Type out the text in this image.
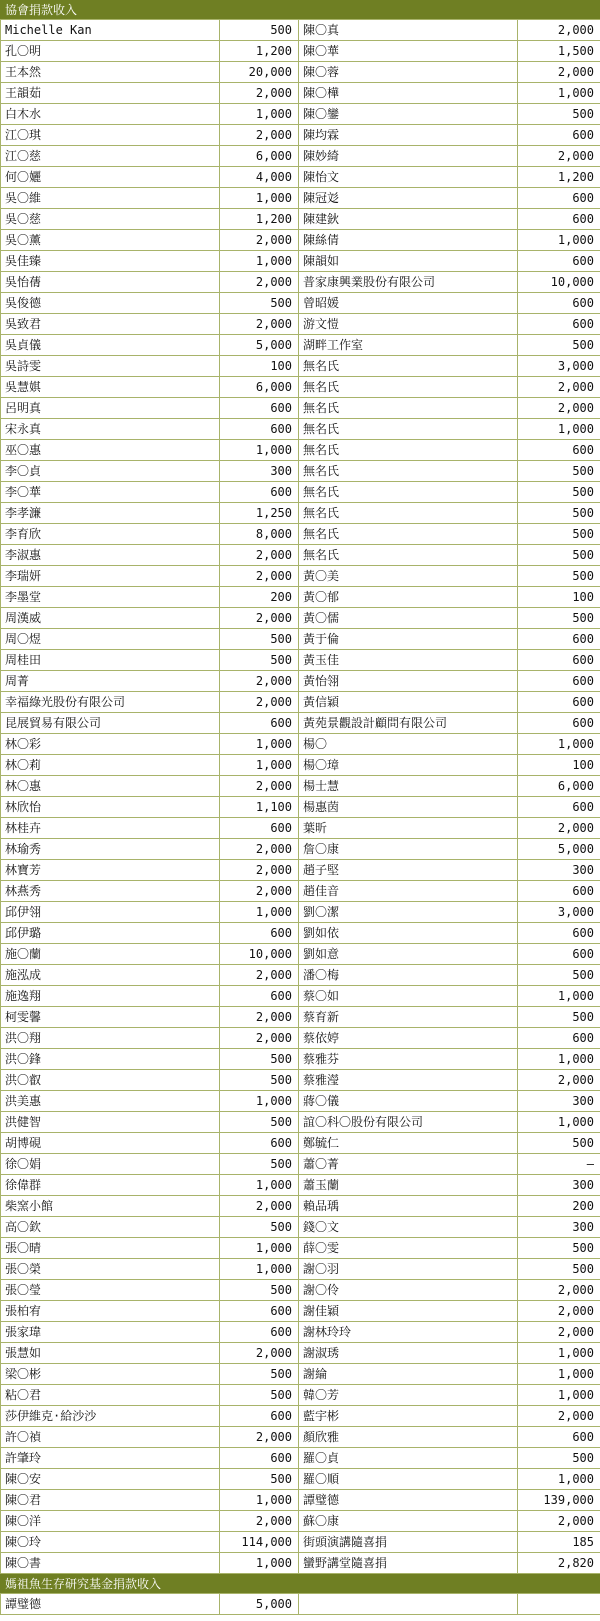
協會捐款收入
Michelle Kan	500	陳〇真	2,000
孔〇明	1,200	陳〇華	1,500
王本然	20,000	陳〇蓉	2,000
王韻茹	2,000	陳〇樺	1,000
白木水	1,000	陳〇鑾	500
江〇琪	2,000	陳均霖	600
江〇慈	6,000	陳妙綺	2,000
何〇孋	4,000	陳怡文	1,200
吳〇維	1,000	陳冠彣	600
吳〇慈	1,200	陳建鈥	600
吳〇薰	2,000	陳絲倩	1,000
吳佳臻	1,000	陳韻如	600
吳怡蒨	2,000	普家康興業股份有限公司	10,000
吳俊德	500	曾昭媛	600
吳致君	2,000	游文愷	600
吳貞儀	5,000	湖畔工作室	500
吳詩雯	100	無名氏	3,000
吳慧娸	6,000	無名氏	2,000
呂明真	600	無名氏	2,000
宋永真	600	無名氏	1,000
巫〇惠	1,000	無名氏	600
李〇貞	300	無名氏	500
李〇華	600	無名氏	500
李孝濂	1,250	無名氏	500
李育欣	8,000	無名氏	500
李淑惠	2,000	無名氏	500
李瑞妍	2,000	黃〇美	500
李墨堂	200	黃〇郁	100
周漢威	2,000	黃〇儒	500
周〇煜	500	黃于倫	600
周桂田	500	黃玉佳	600
周菁	2,000	黃怡翎	600
幸福綠光股份有限公司	2,000	黃信穎	600
昆展貿易有限公司	600	黃苑景觀設計顧問有限公司	600
林〇彩	1,000	楊〇	1,000
林〇莉	1,000	楊〇璋	100
林〇惠	2,000	楊士慧	6,000
林欣怡	1,100	楊惠茵	600
林桂卉	600	葉昕	2,000
林瑜秀	2,000	詹〇康	5,000
林寶芳	2,000	趙子堅	300
林燕秀	2,000	趙佳音	600
邱伊翎	1,000	劉〇潔	3,000
邱伊璐	600	劉如依	600
施〇蘭	10,000	劉如意	600
施泓成	2,000	潘〇梅	500
施逸翔	600	蔡〇如	1,000
柯雯馨	2,000	蔡育新	500
洪〇翔	2,000	蔡依婷	600
洪〇鋒	500	蔡雅芬	1,000
洪〇叡	500	蔡雅瀅	2,000
洪美惠	1,000	蔣〇儀	300
洪健智	500	誼〇科〇股份有限公司	1,000
胡博硯	600	鄭毓仁	500
徐〇娟	500	蕭〇菁	–
徐偉群	1,000	蕭玉蘭	300
柴窯小館	2,000	賴品瑀	200
高〇欽	500	錢〇文	300
張〇晴	1,000	薛〇雯	500
張〇榮	1,000	謝〇羽	500
張〇瑩	500	謝〇伶	2,000
張柏宥	600	謝佳穎	2,000
張家瑋	600	謝林玲玲	2,000
張慧如	2,000	謝淑琇	1,000
梁〇彬	500	謝綸	1,000
粘〇君	500	韓〇芳	1,000
莎伊維克·給沙沙	600	藍宇彬	2,000
許〇禎	2,000	顏欣雅	600
許肇玲	600	羅〇貞	500
陳〇安	500	羅〇順	1,000
陳〇君	1,000	譚璧德	139,000
陳〇洋	2,000	蘇〇康	2,000
陳〇玲	114,000	街頭演講隨喜捐	185
陳〇書	1,000	蠻野講堂隨喜捐	2,820
媽祖魚生存研究基金捐款收入
譚璧德	5,000		
